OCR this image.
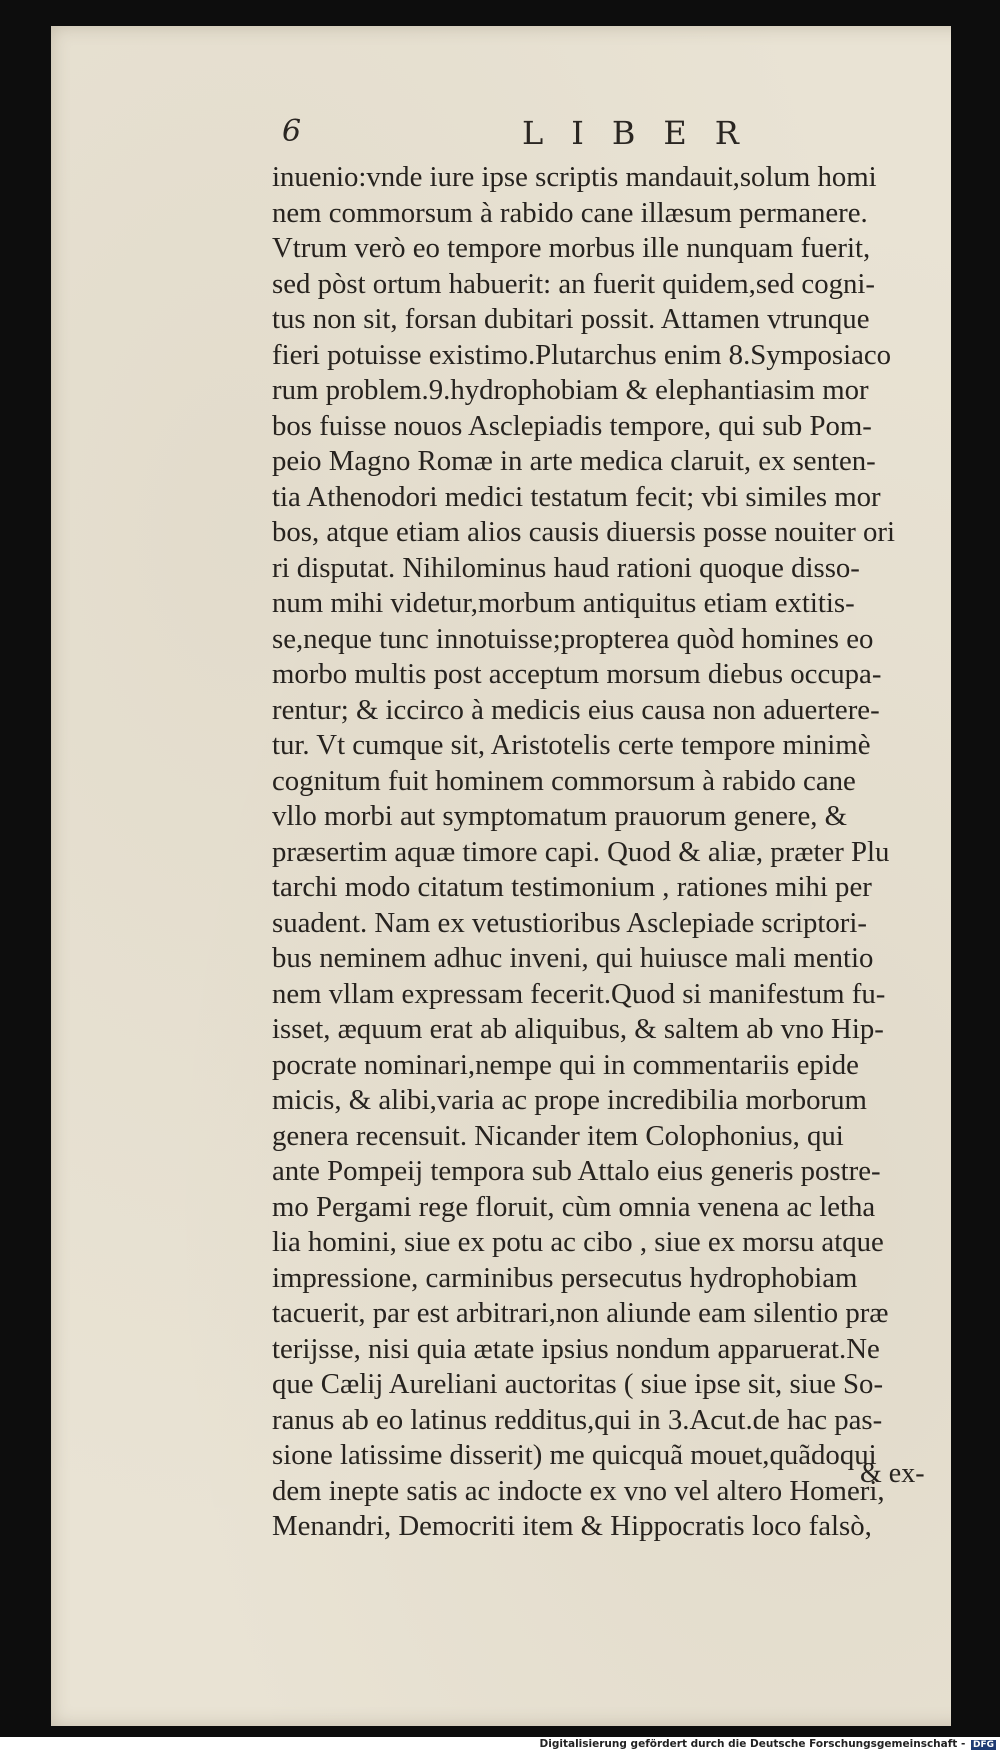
6	LIBER
inuenio:vnde iure ipse scriptis mandauit,solum homi
nem commorsum à rabido cane illæsum permanere.
Vtrum verò eo tempore morbus ille nunquam fuerit,
sed pòst ortum habuerit: an fuerit quidem,sed cogni-
tus non sit, forsan dubitari possit. Attamen vtrunque
fieri potuisse existimo.Plutarchus enim 8.Symposiaco
rum problem.9.hydrophobiam & elephantiasim mor
bos fuisse nouos Asclepiadis tempore, qui sub Pom-
peio Magno Romæ in arte medica claruit, ex senten-
tia Athenodori medici testatum fecit; vbi similes mor
bos, atque etiam alios causis diuersis posse nouiter ori
ri disputat. Nihilominus haud rationi quoque disso-
num mihi videtur,morbum antiquitus etiam extitis-
se,neque tunc innotuisse;propterea quòd homines eo
morbo multis post acceptum morsum diebus occupa-
rentur; & iccirco à medicis eius causa non aduertere-
tur. Vt cumque sit, Aristotelis certe tempore minimè
cognitum fuit hominem commorsum à rabido cane
vllo morbi aut symptomatum prauorum genere, &
præsertim aquæ timore capi. Quod & aliæ, præter Plu
tarchi modo citatum testimonium , rationes mihi per
suadent. Nam ex vetustioribus Asclepiade scriptori-
bus neminem adhuc inveni, qui huiusce mali mentio
nem vllam expressam fecerit.Quod si manifestum fu-
isset, æquum erat ab aliquibus, & saltem ab vno Hip-
pocrate nominari,nempe qui in commentariis epide
micis, & alibi,varia ac prope incredibilia morborum
genera recensuit. Nicander item Colophonius, qui
ante Pompeij tempora sub Attalo eius generis postre-
mo Pergami rege floruit, cùm omnia venena ac letha
lia homini, siue ex potu ac cibo , siue ex morsu atque
impressione, carminibus persecutus hydrophobiam
tacuerit, par est arbitrari,non aliunde eam silentio præ
terijsse, nisi quia ætate ipsius nondum apparuerat.Ne
que Cælij Aureliani auctoritas ( siue ipse sit, siue So-
ranus ab eo latinus redditus,qui in 3.Acut.de hac pas-
sione latissime disserit) me quicquã mouet,quãdoqui
dem inepte satis ac indocte ex vno vel altero Homeri,
Menandri, Democriti item & Hippocratis loco falsò,
& ex-
Digitalisierung gefördert durch die Deutsche Forschungsgemeinschaft - DFG
